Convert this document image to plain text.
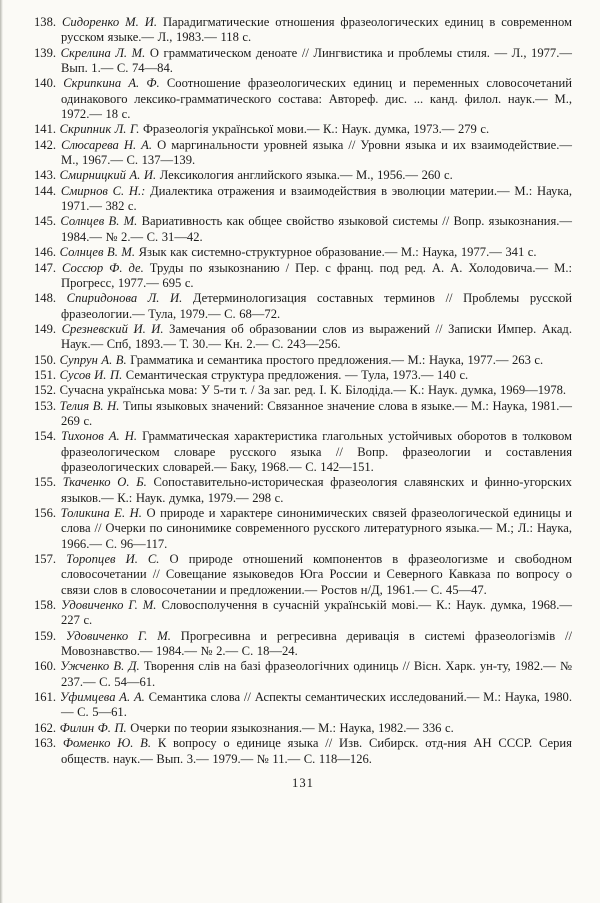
138. Сидоренко М. И. Парадигматические отношения фразеологических единиц в современном русском языке.— Л., 1983.— 118 с.

139. Скрелина Л. М. О грамматическом деноате // Лингвистика и проблемы стиля. — Л., 1977.— Вып. 1.— С. 74—84.

140. Скрипкина А. Ф. Соотношение фразеологических единиц и переменных словосочетаний одинакового лексико-грамматического состава: Автореф. дис. ... канд. филол. наук.— М., 1972.— 18 с.

141. Скрипник Л. Г. Фразеологія української мови.— К.: Наук. думка, 1973.— 279 с.

142. Слюсарева Н. А. О маргинальности уровней языка // Уровни языка и их взаимодействие.— М., 1967.— С. 137—139.

143. Смирницкий А. И. Лексикология английского языка.— М., 1956.— 260 с.

144. Смирнов С. Н.: Диалектика отражения и взаимодействия в эволюции материи.— М.: Наука, 1971.— 382 с.

145. Солнцев В. М. Вариативность как общее свойство языковой системы // Вопр. языкознания.— 1984.— № 2.— С. 31—42.

146. Солнцев В. М. Язык как системно-структурное образование.— М.: Наука, 1977.— 341 с.

147. Соссюр Ф. де. Труды по языкознанию / Пер. с франц. под ред. А. А. Холодовича.— М.: Прогресс, 1977.— 695 с.

148. Спиридонова Л. И. Детерминологизация составных терминов // Проблемы русской фразеологии.— Тула, 1979.— С. 68—72.

149. Срезневский И. И. Замечания об образовании слов из выражений // Записки Импер. Акад. Наук.— Спб, 1893.— Т. 30.— Кн. 2.— С. 243—256.

150. Супрун А. В. Грамматика и семантика простого предложения.— М.: Наука, 1977.— 263 с.

151. Сусов И. П. Семантическая структура предложения. — Тула, 1973.— 140 с.

152. Сучасна українська мова: У 5-ти т. / За заг. ред. І. К. Білодіда.— К.: Наук. думка, 1969—1978.

153. Телия В. Н. Типы языковых значений: Связанное значение слова в языке.— М.: Наука, 1981.— 269 с.

154. Тихонов А. Н. Грамматическая характеристика глагольных устойчивых оборотов в толковом фразеологическом словаре русского языка // Вопр. фразеологии и составления фразеологических словарей.— Баку, 1968.— С. 142—151.

155. Ткаченко О. Б. Сопоставительно-историческая фразеология славянских и финно-угорских языков.— К.: Наук. думка, 1979.— 298 с.

156. Толикина Е. Н. О природе и характере синонимических связей фразеологической единицы и слова // Очерки по синонимике современного русского литературного языка.— М.; Л.: Наука, 1966.— С. 96—117.

157. Торопцев И. С. О природе отношений компонентов в фразеологизме и свободном словосочетании // Совещание языковедов Юга России и Северного Кавказа по вопросу о связи слов в словосочетании и предложении.— Ростов н/Д, 1961.— С. 45—47.

158. Удовиченко Г. М. Словосполучення в сучасній українській мові.— К.: Наук. думка, 1968.— 227 с.

159. Удовиченко Г. М. Прогресивна и регресивна деривація в системі фразеологізмів // Мовознавство.— 1984.— № 2.— С. 18—24.

160. Ужченко В. Д. Творення слів на базі фразеологічних одиниць // Вісн. Харк. ун-ту, 1982.— № 237.— С. 54—61.

161. Уфимцева А. А. Семантика слова // Аспекты семантических исследований.— М.: Наука, 1980.— С. 5—61.

162. Филин Ф. П. Очерки по теории языкознания.— М.: Наука, 1982.— 336 с.

163. Фоменко Ю. В. К вопросу о единице языка // Изв. Сибирск. отд-ния АН СССР. Серия обществ. наук.— Вып. 3.— 1979.— № 11.— С. 118—126.

131
